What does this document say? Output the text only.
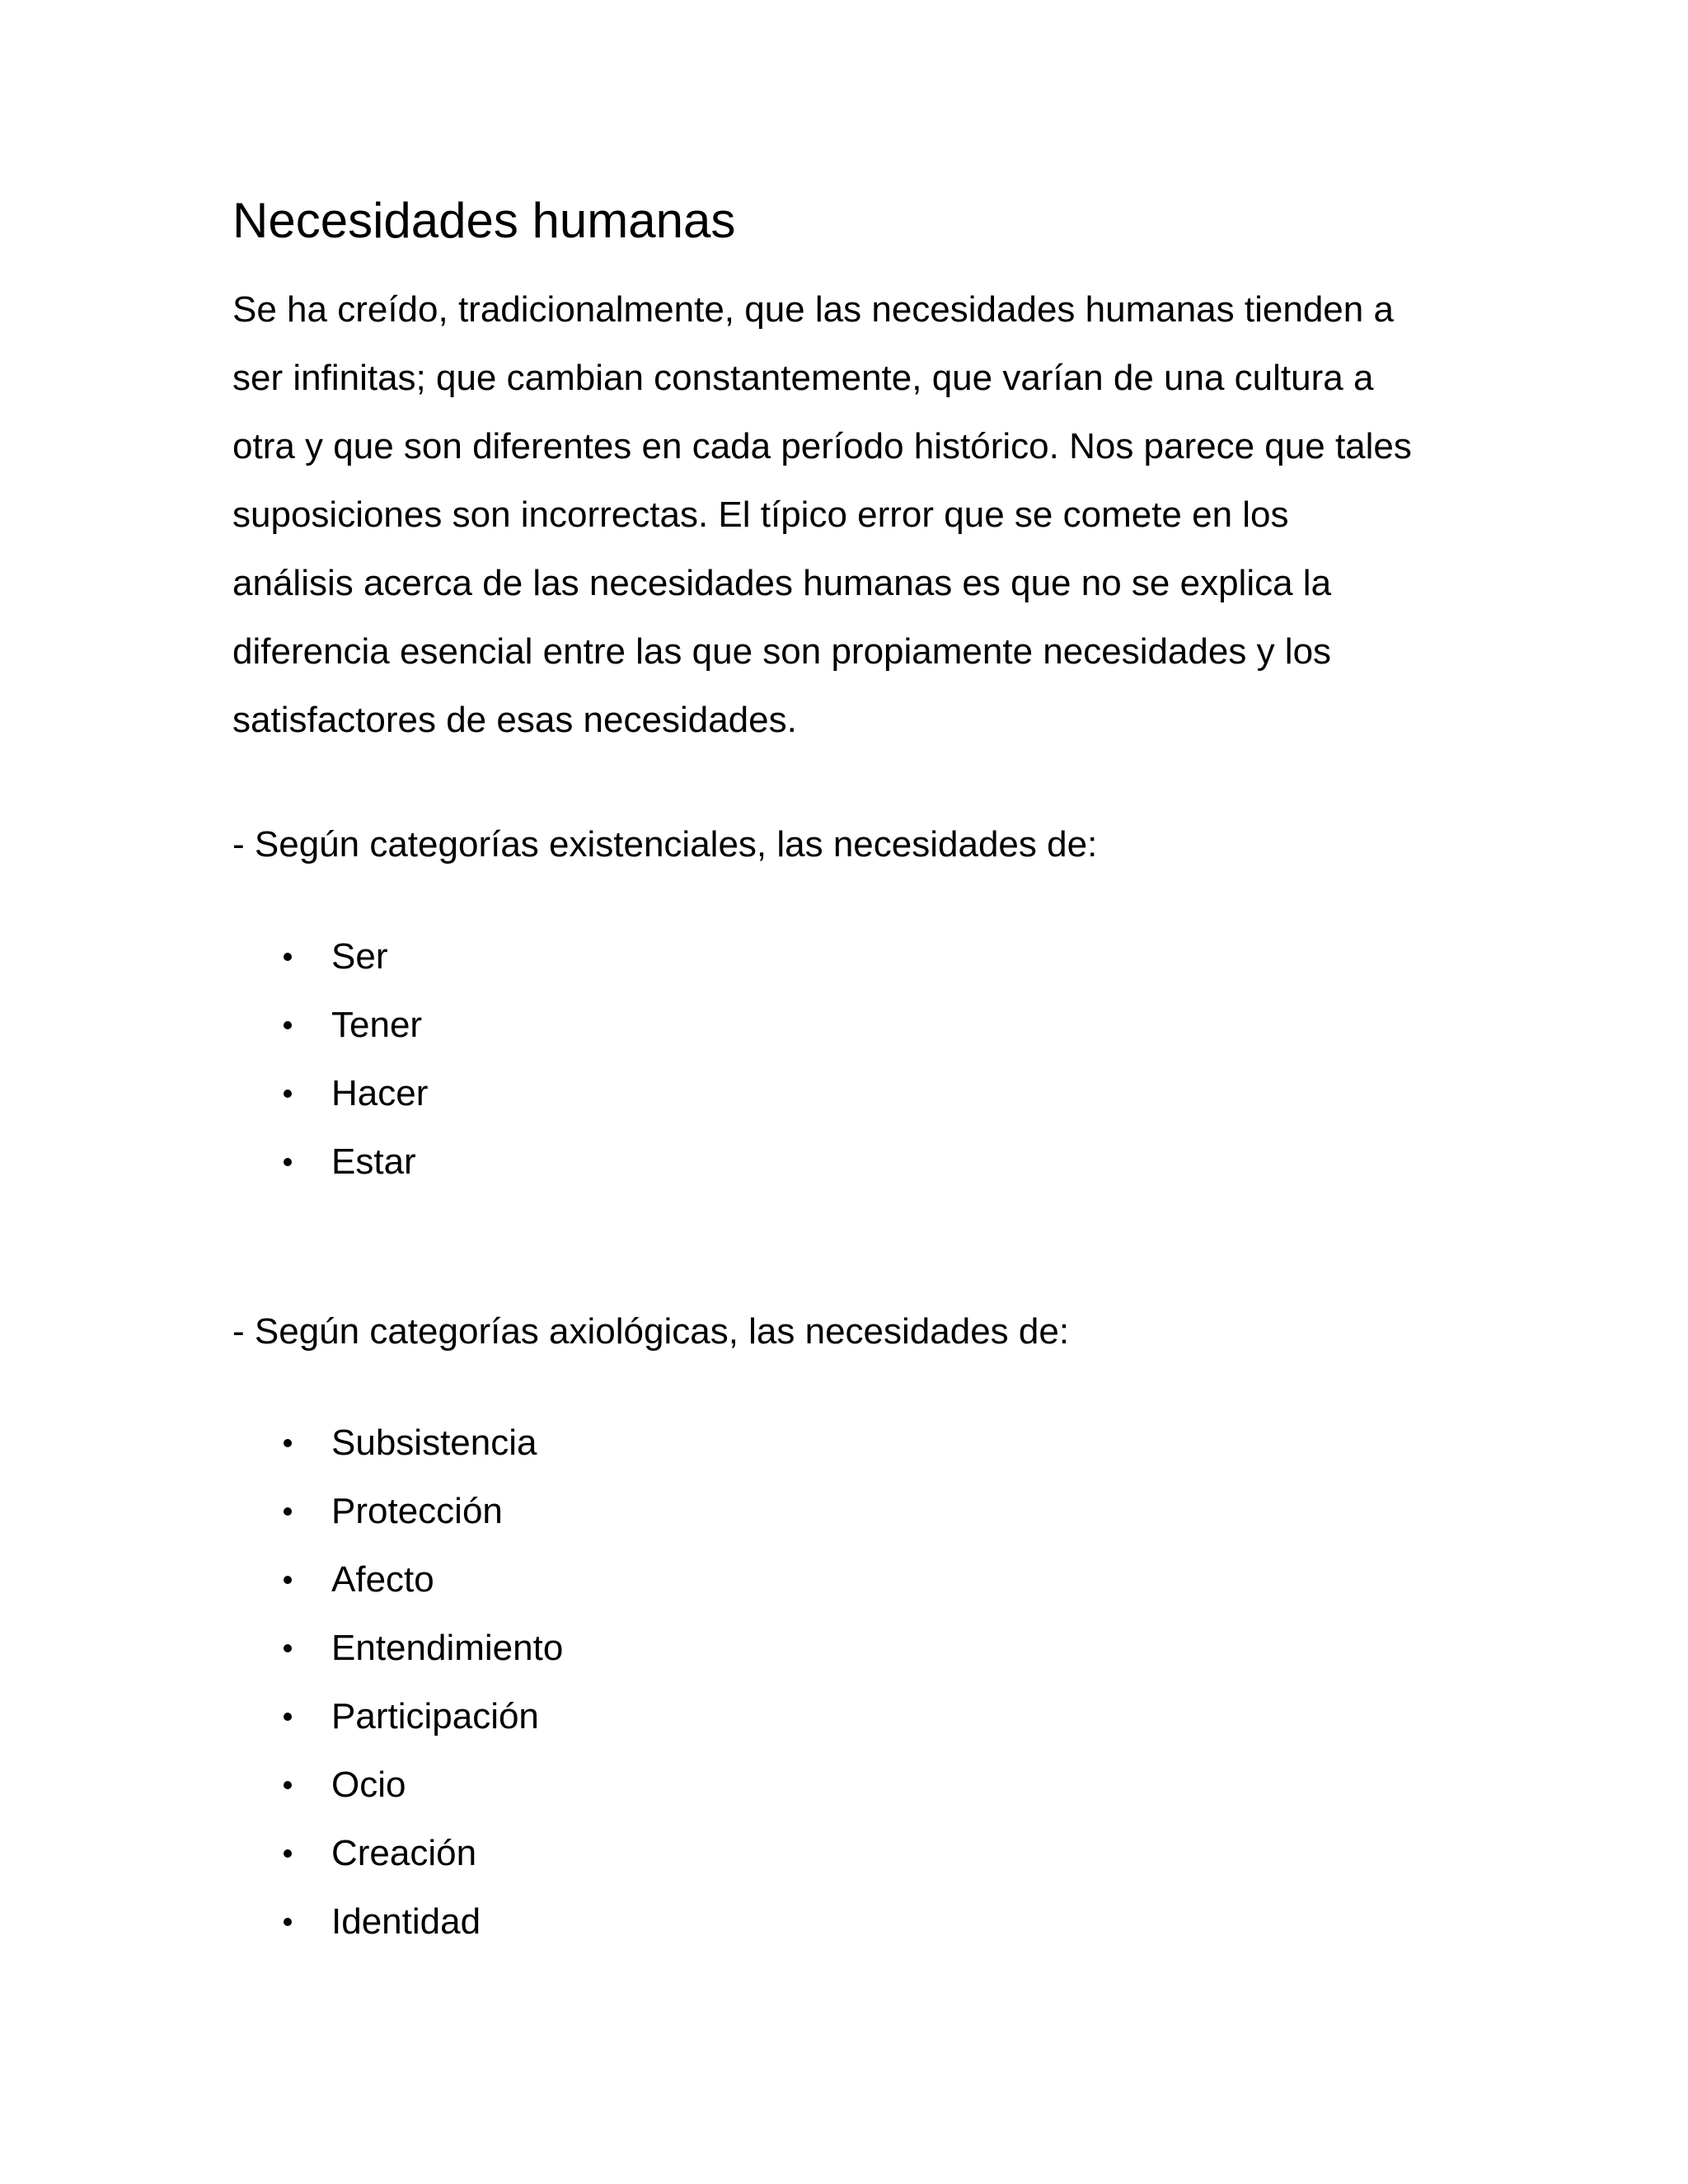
Necesidades humanas

Se ha creído, tradicionalmente, que las necesidades humanas tienden a
ser infinitas; que cambian constantemente, que varían de una cultura a
otra y que son diferentes en cada período histórico. Nos parece que tales
suposiciones son incorrectas. El típico error que se comete en los
análisis acerca de las necesidades humanas es que no se explica la
diferencia esencial entre las que son propiamente necesidades y los
satisfactores de esas necesidades.

- Según categorías existenciales, las necesidades de:

Ser
Tener
Hacer
Estar

- Según categorías axiológicas, las necesidades de:

Subsistencia
Protección
Afecto
Entendimiento
Participación
Ocio
Creación
Identidad
